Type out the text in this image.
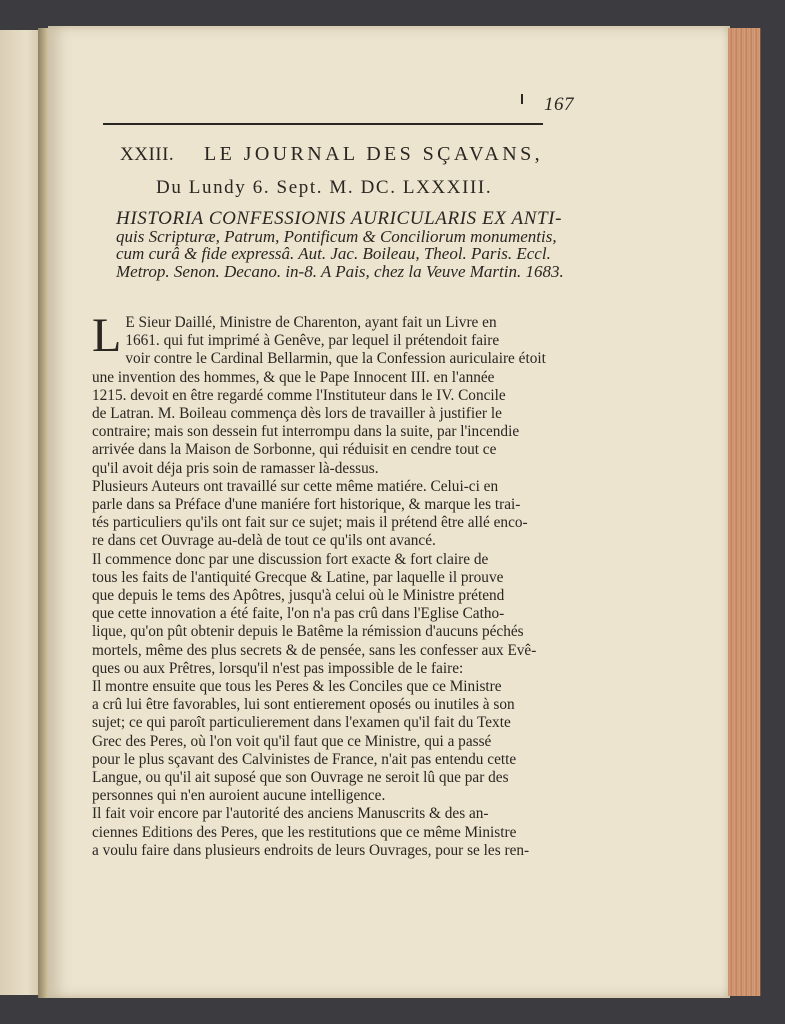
167
XXIII. LE JOURNAL DES SÇAVANS,
Du Lundy 6. Sept. M. DC. LXXXIII.
HISTORIA CONFESSIONIS AURICULARIS EX ANTI-
quis Scripturæ, Patrum, Pontificum & Conciliorum monumentis,
cum curâ & fide expressâ. Aut. Jac. Boileau, Theol. Paris. Eccl.
Metrop. Senon. Decano. in-8. A Pais, chez la Veuve Martin. 1683.

L E Sieur Daillé, Ministre de Charenton, ayant fait un Livre en
1661. qui fut imprimé à Genêve, par lequel il prétendoit faire
voir contre le Cardinal Bellarmin, que la Confession auriculaire étoit
une invention des hommes, & que le Pape Innocent III. en l'année
1215. devoit en être regardé comme l'Instituteur dans le IV. Concile
de Latran. M. Boileau commença dès lors de travailler à justifier le
contraire; mais son dessein fut interrompu dans la suite, par l'incendie
arrivée dans la Maison de Sorbonne, qui réduisit en cendre tout ce
qu'il avoit déja pris soin de ramasser là-dessus.

Plusieurs Auteurs ont travaillé sur cette même matiére. Celui-ci en
parle dans sa Préface d'une maniére fort historique, & marque les trai-
tés particuliers qu'ils ont fait sur ce sujet; mais il prétend être allé enco-
re dans cet Ouvrage au-delà de tout ce qu'ils ont avancé.

Il commence donc par une discussion fort exacte & fort claire de
tous les faits de l'antiquité Grecque & Latine, par laquelle il prouve
que depuis le tems des Apôtres, jusqu'à celui où le Ministre prétend
que cette innovation a été faite, l'on n'a pas crû dans l'Eglise Catho-
lique, qu'on pût obtenir depuis le Batême la rémission d'aucuns péchés
mortels, même des plus secrets & de pensée, sans les confesser aux Evê-
ques ou aux Prêtres, lorsqu'il n'est pas impossible de le faire:

Il montre ensuite que tous les Peres & les Conciles que ce Ministre
a crû lui être favorables, lui sont entierement oposés ou inutiles à son
sujet; ce qui paroît particulierement dans l'examen qu'il fait du Texte
Grec des Peres, où l'on voit qu'il faut que ce Ministre, qui a passé
pour le plus sçavant des Calvinistes de France, n'ait pas entendu cette
Langue, ou qu'il ait suposé que son Ouvrage ne seroit lû que par des
personnes qui n'en auroient aucune intelligence.

Il fait voir encore par l'autorité des anciens Manuscrits & des an-
ciennes Editions des Peres, que les restitutions que ce même Ministre
a voulu faire dans plusieurs endroits de leurs Ouvrages, pour se les ren-
